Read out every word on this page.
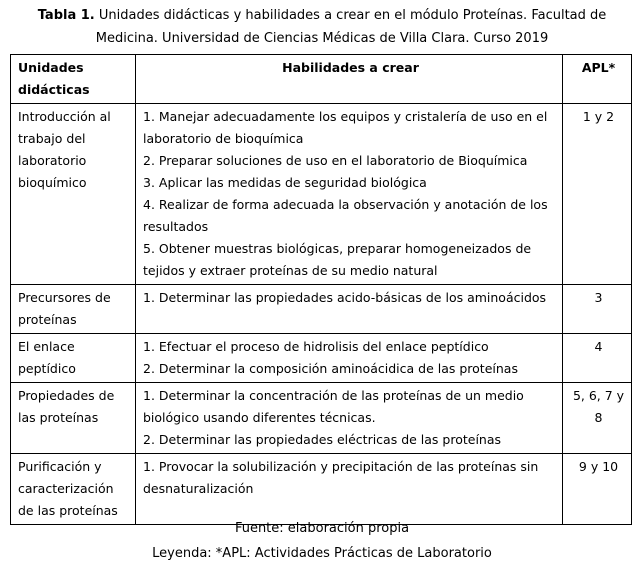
Tabla 1. Unidades didácticas y habilidades a crear en el módulo Proteínas. Facultad de Medicina. Universidad de Ciencias Médicas de Villa Clara. Curso 2019
Unidades didácticas	Habilidades a crear	APL*
Introducción al trabajo del laboratorio bioquímico	1. Manejar adecuadamente los equipos y cristalería de uso en el laboratorio de bioquímica
2. Preparar soluciones de uso en el laboratorio de Bioquímica
3. Aplicar las medidas de seguridad biológica
4. Realizar de forma adecuada la observación y anotación de los resultados
5. Obtener muestras biológicas, preparar homogeneizados de tejidos y extraer proteínas de su medio natural	1 y 2
Precursores de proteínas	1. Determinar las propiedades acido-básicas de los aminoácidos	3
El enlace peptídico	1. Efectuar el proceso de hidrolisis del enlace peptídico
2. Determinar la composición aminoácidica de las proteínas	4
Propiedades de las proteínas	1. Determinar la concentración de las proteínas de un medio biológico usando diferentes técnicas.
2. Determinar las propiedades eléctricas de las proteínas	5, 6, 7 y 8
Purificación y caracterización de las proteínas	1. Provocar la solubilización y precipitación de las proteínas sin desnaturalización	9 y 10
Fuente: elaboración propia
Leyenda: *APL: Actividades Prácticas de Laboratorio
